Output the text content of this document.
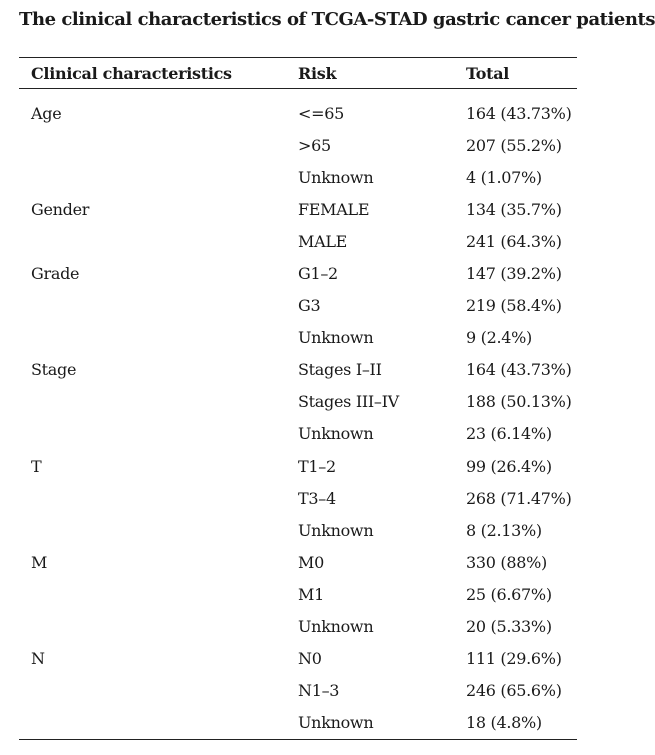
The clinical characteristics of TCGA-STAD gastric cancer patients
Clinical characteristics	Risk	Total
Age	<=65	164 (43.73%)
	>65	207 (55.2%)
	Unknown	4 (1.07%)
Gender	FEMALE	134 (35.7%)
	MALE	241 (64.3%)
Grade	G1–2	147 (39.2%)
	G3	219 (58.4%)
	Unknown	9 (2.4%)
Stage	Stages I–II	164 (43.73%)
	Stages III–IV	188 (50.13%)
	Unknown	23 (6.14%)
T	T1–2	99 (26.4%)
	T3–4	268 (71.47%)
	Unknown	8 (2.13%)
M	M0	330 (88%)
	M1	25 (6.67%)
	Unknown	20 (5.33%)
N	N0	111 (29.6%)
	N1–3	246 (65.6%)
	Unknown	18 (4.8%)
